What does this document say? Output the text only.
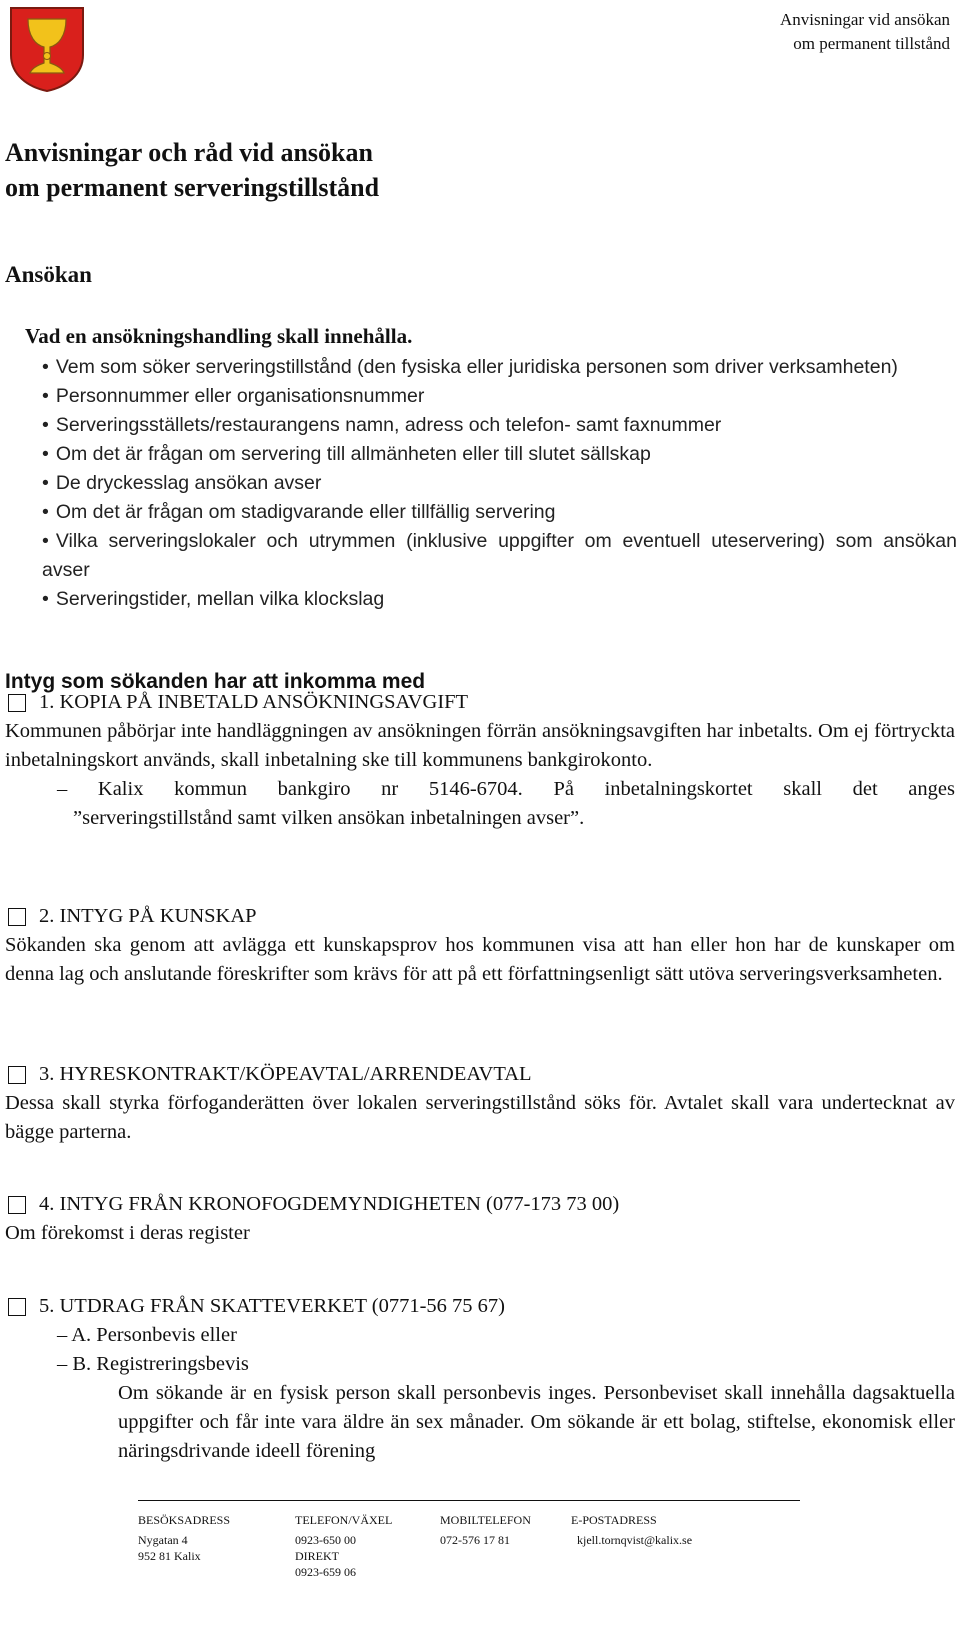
Anvisningar vid ansökan
om permanent tillstånd
Anvisningar och råd vid ansökan
om permanent serveringstillstånd
Ansökan
Vad en ansökningshandling skall innehålla.
• Vem som söker serveringstillstånd (den fysiska eller juridiska personen som driver verksamheten)
• Personnummer eller organisationsnummer
• Serveringsställets/restaurangens namn, adress och telefon- samt faxnummer
• Om det är frågan om servering till allmänheten eller till slutet sällskap
• De dryckesslag ansökan avser
• Om det är frågan om stadigvarande eller tillfällig servering
• Vilka serveringslokaler och utrymmen (inklusive uppgifter om eventuell uteservering) som ansökan avser
• Serveringstider, mellan vilka klockslag
Intyg som sökanden har att inkomma med
1. KOPIA PÅ INBETALD ANSÖKNINGSAVGIFT

Kommunen påbörjar inte handläggningen av ansökningen förrän ansökningsavgiften har inbetalts. Om ej förtryckta inbetalningskort används, skall inbetalning ske till kommunens bankgirokonto.

– Kalix kommun bankgiro nr 5146-6704. På inbetalningskortet skall det anges
”serveringstillstånd samt vilken ansökan inbetalningen avser”.
2. INTYG PÅ KUNSKAP

Sökanden ska genom att avlägga ett kunskapsprov hos kommunen visa att han eller hon har de kunskaper om denna lag och anslutande föreskrifter som krävs för att på ett författningsenligt sätt utöva serveringsverksamheten.

3. HYRESKONTRAKT/KÖPEAVTAL/ARRENDEAVTAL

Dessa skall styrka förfoganderätten över lokalen serveringstillstånd söks för. Avtalet skall vara undertecknat av bägge parterna.

4. INTYG FRÅN KRONOFOGDEMYNDIGHETEN (077-173 73 00)

Om förekomst i deras register

5. UTDRAG FRÅN SKATTEVERKET (0771-56 75 67)
– A. Personbevis eller
– B. Registreringsbevis

Om sökande är en fysisk person skall personbevis inges. Personbeviset skall innehålla dagsaktuella uppgifter och får inte vara äldre än sex månader. Om sökande är ett bolag, stiftelse, ekonomisk eller näringsdrivande ideell förening

BESÖKSADRESS
Nygatan 4
952 81 Kalix
TELEFON/VÄXEL
0923-650 00
DIREKT
0923-659 06
MOBILTELEFON
072-576 17 81
E-POSTADRESS
kjell.tornqvist@kalix.se
